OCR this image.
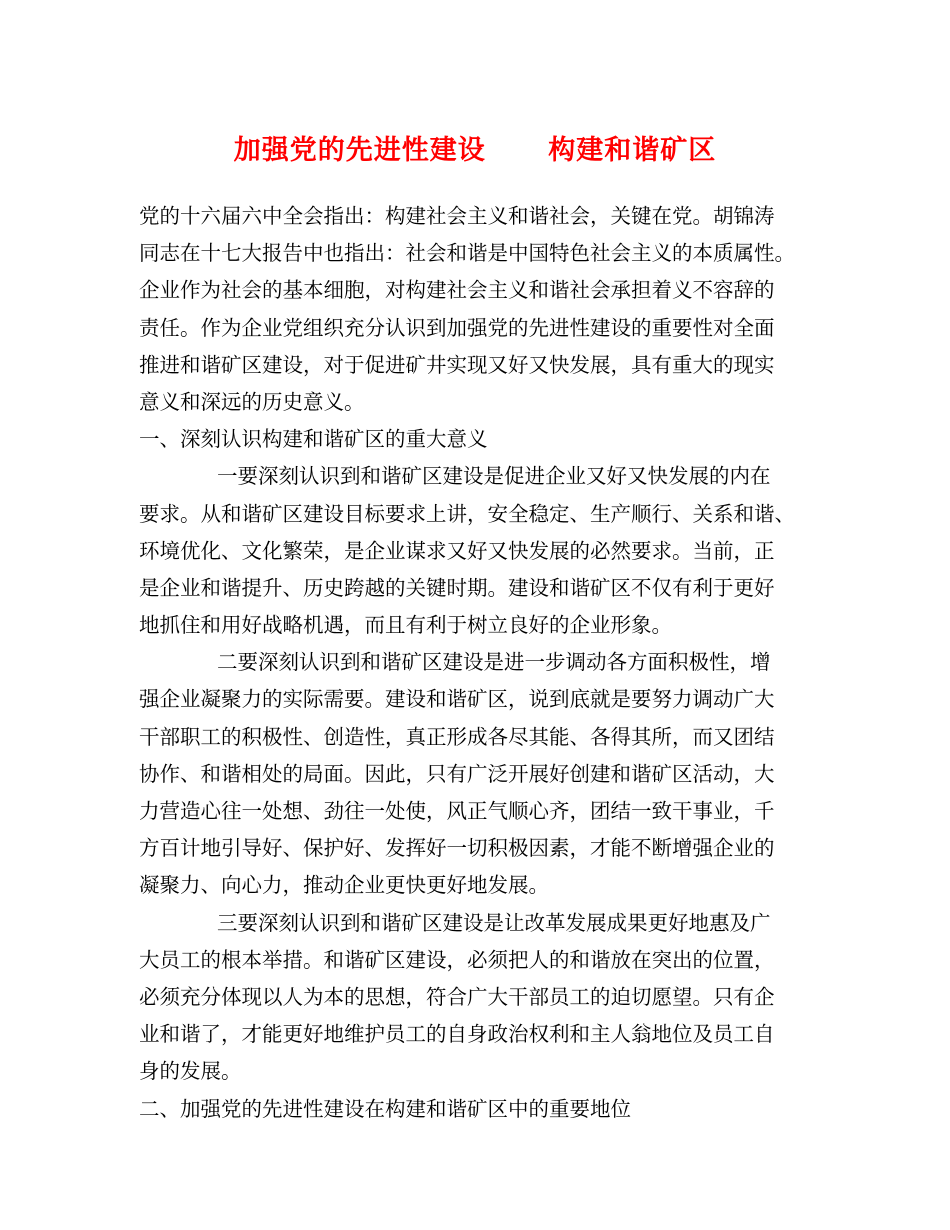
加强党的先进性建设      构建和谐矿区
党的十六届六中全会指出：构建社会主义和谐社会，关键在党。胡锦涛
同志在十七大报告中也指出：社会和谐是中国特色社会主义的本质属性。
企业作为社会的基本细胞，对构建社会主义和谐社会承担着义不容辞的
责任。作为企业党组织充分认识到加强党的先进性建设的重要性对全面
推进和谐矿区建设，对于促进矿井实现又好又快发展，具有重大的现实
意义和深远的历史意义。
一、深刻认识构建和谐矿区的重大意义
一要深刻认识到和谐矿区建设是促进企业又好又快发展的内在
要求。从和谐矿区建设目标要求上讲，安全稳定、生产顺行、关系和谐、
环境优化、文化繁荣，是企业谋求又好又快发展的必然要求。当前，正
是企业和谐提升、历史跨越的关键时期。建设和谐矿区不仅有利于更好
地抓住和用好战略机遇，而且有利于树立良好的企业形象。
二要深刻认识到和谐矿区建设是进一步调动各方面积极性，增
强企业凝聚力的实际需要。建设和谐矿区，说到底就是要努力调动广大
干部职工的积极性、创造性，真正形成各尽其能、各得其所，而又团结
协作、和谐相处的局面。因此，只有广泛开展好创建和谐矿区活动，大
力营造心往一处想、劲往一处使，风正气顺心齐，团结一致干事业，千
方百计地引导好、保护好、发挥好一切积极因素，才能不断增强企业的
凝聚力、向心力，推动企业更快更好地发展。
三要深刻认识到和谐矿区建设是让改革发展成果更好地惠及广
大员工的根本举措。和谐矿区建设，必须把人的和谐放在突出的位置，
必须充分体现以人为本的思想，符合广大干部员工的迫切愿望。只有企
业和谐了，才能更好地维护员工的自身政治权利和主人翁地位及员工自
身的发展。
二、加强党的先进性建设在构建和谐矿区中的重要地位
